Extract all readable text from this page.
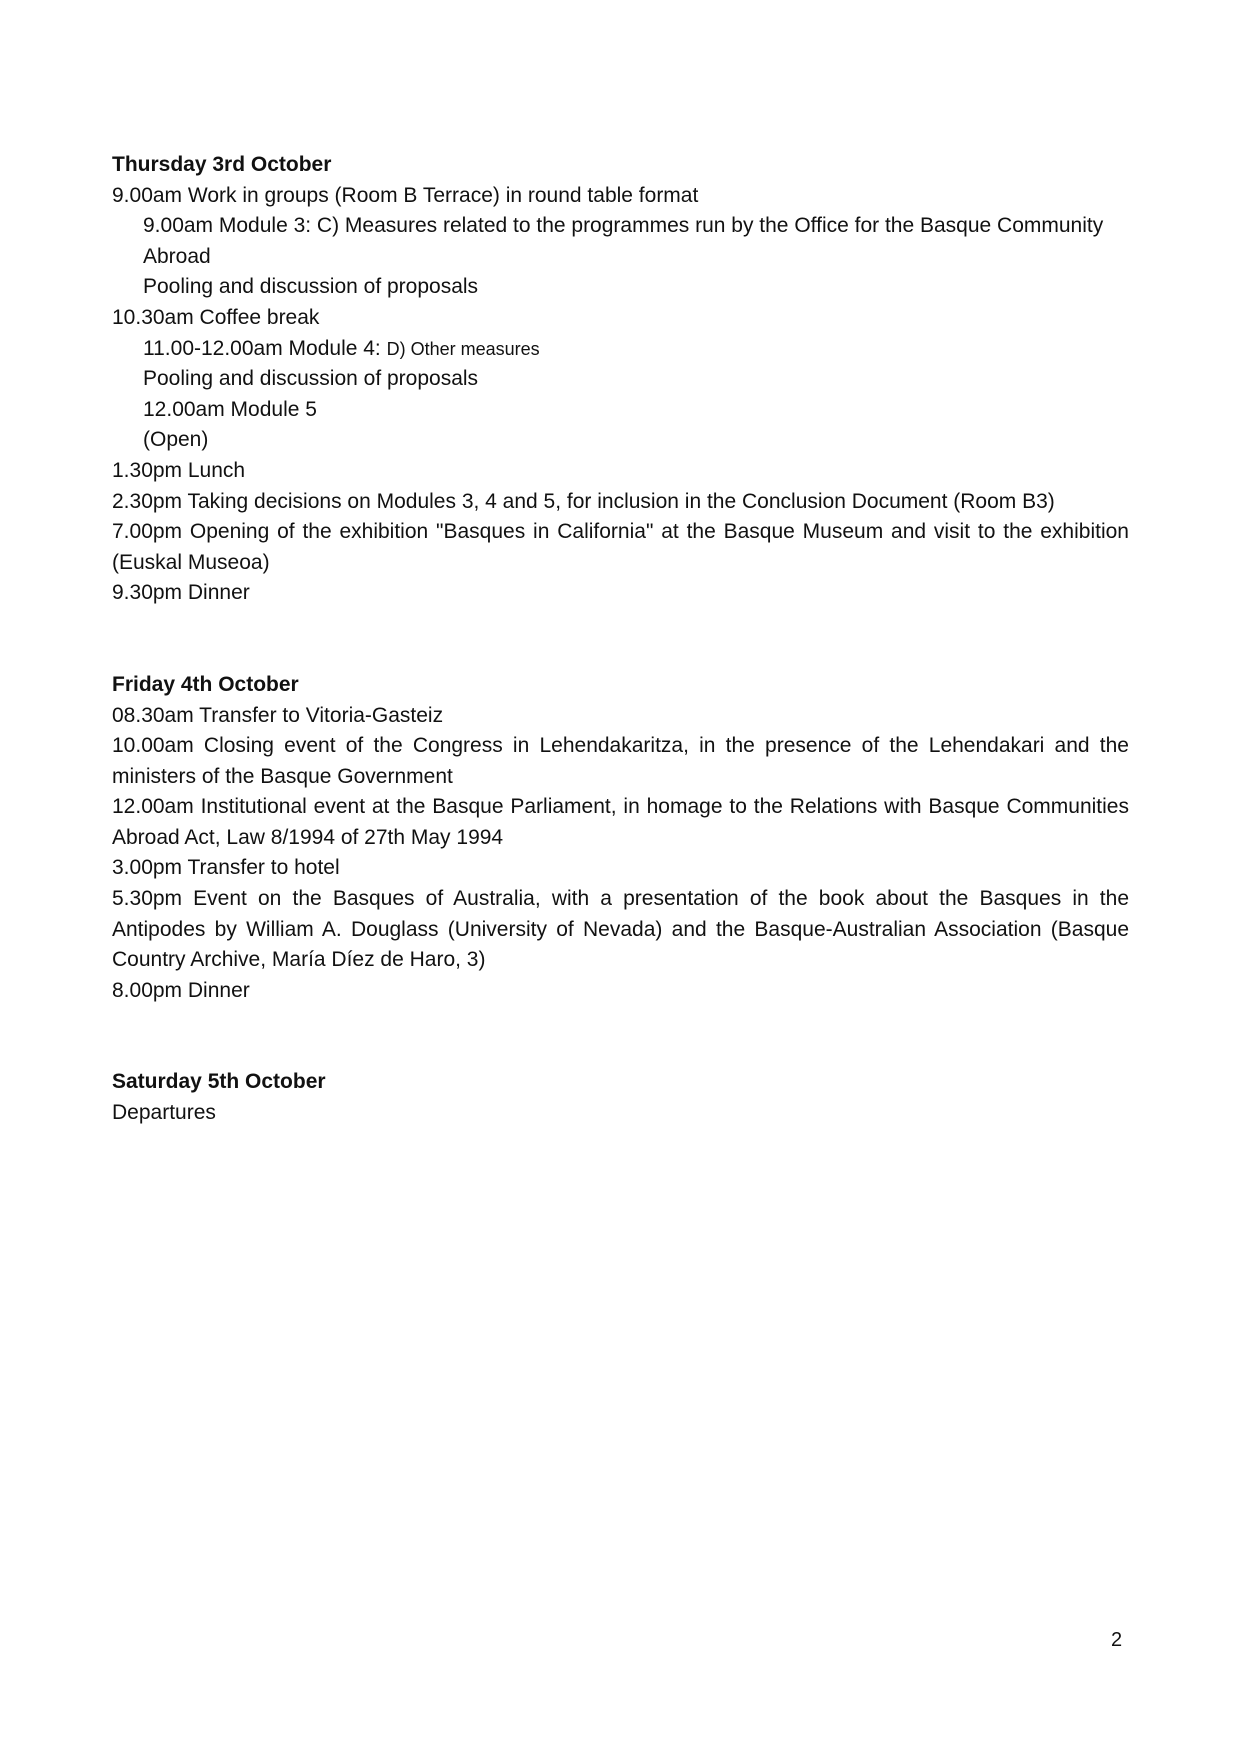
Thursday 3rd October

9.00am Work in groups (Room B Terrace) in round table format

9.00am Module 3: C) Measures related to the programmes run by the Office for the Basque Community Abroad

Pooling and discussion of proposals

10.30am Coffee break

11.00-12.00am Module 4: D) Other measures

Pooling and discussion of proposals

12.00am Module 5

(Open)

1.30pm Lunch

2.30pm Taking decisions on Modules 3, 4 and 5, for inclusion in the Conclusion Document (Room B3)

7.00pm Opening of the exhibition "Basques in California" at the Basque Museum and visit to the exhibition (Euskal Museoa)

9.30pm Dinner

Friday 4th October

08.30am Transfer to Vitoria-Gasteiz

10.00am Closing event of the Congress in Lehendakaritza, in the presence of the Lehendakari and the ministers of the Basque Government

12.00am Institutional event at the Basque Parliament, in homage to the Relations with Basque Communities Abroad Act, Law 8/1994 of 27th May 1994

3.00pm Transfer to hotel

5.30pm Event on the Basques of Australia, with a presentation of the book about the Basques in the Antipodes by William A. Douglass (University of Nevada) and the Basque-Australian Association (Basque Country Archive, María Díez de Haro, 3)

8.00pm Dinner

Saturday 5th October

Departures

2
